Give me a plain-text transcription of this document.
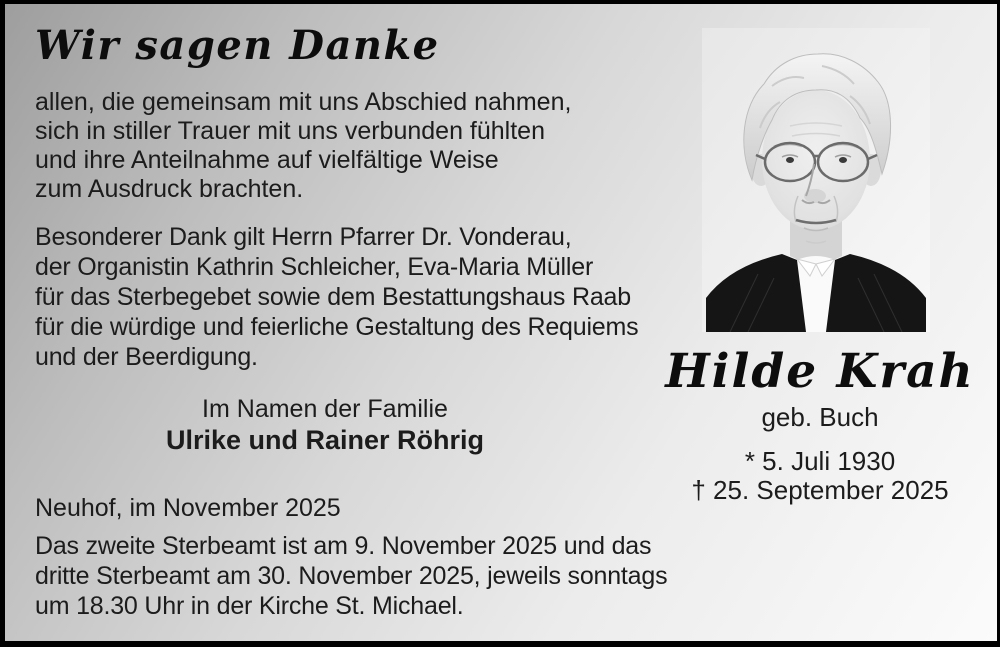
Wir sagen Danke
allen, die gemeinsam mit uns Abschied nahmen,
sich in stiller Trauer mit uns verbunden fühlten
und ihre Anteilnahme auf vielfältige Weise
zum Ausdruck brachten.
Besonderer Dank gilt Herrn Pfarrer Dr. Vonderau,
der Organistin Kathrin Schleicher, Eva-Maria Müller
für das Sterbegebet sowie dem Bestattungshaus Raab
für die würdige und feierliche Gestaltung des Requiems
und der Beerdigung.
Im Namen der Familie
Ulrike und Rainer Röhrig
Neuhof, im November 2025
Das zweite Sterbeamt ist am 9. November 2025 und das
dritte Sterbeamt am 30. November 2025, jeweils sonntags
um 18.30 Uhr in der Kirche St. Michael.
Hilde Krah
geb. Buch
* 5. Juli 1930
† 25. September 2025
